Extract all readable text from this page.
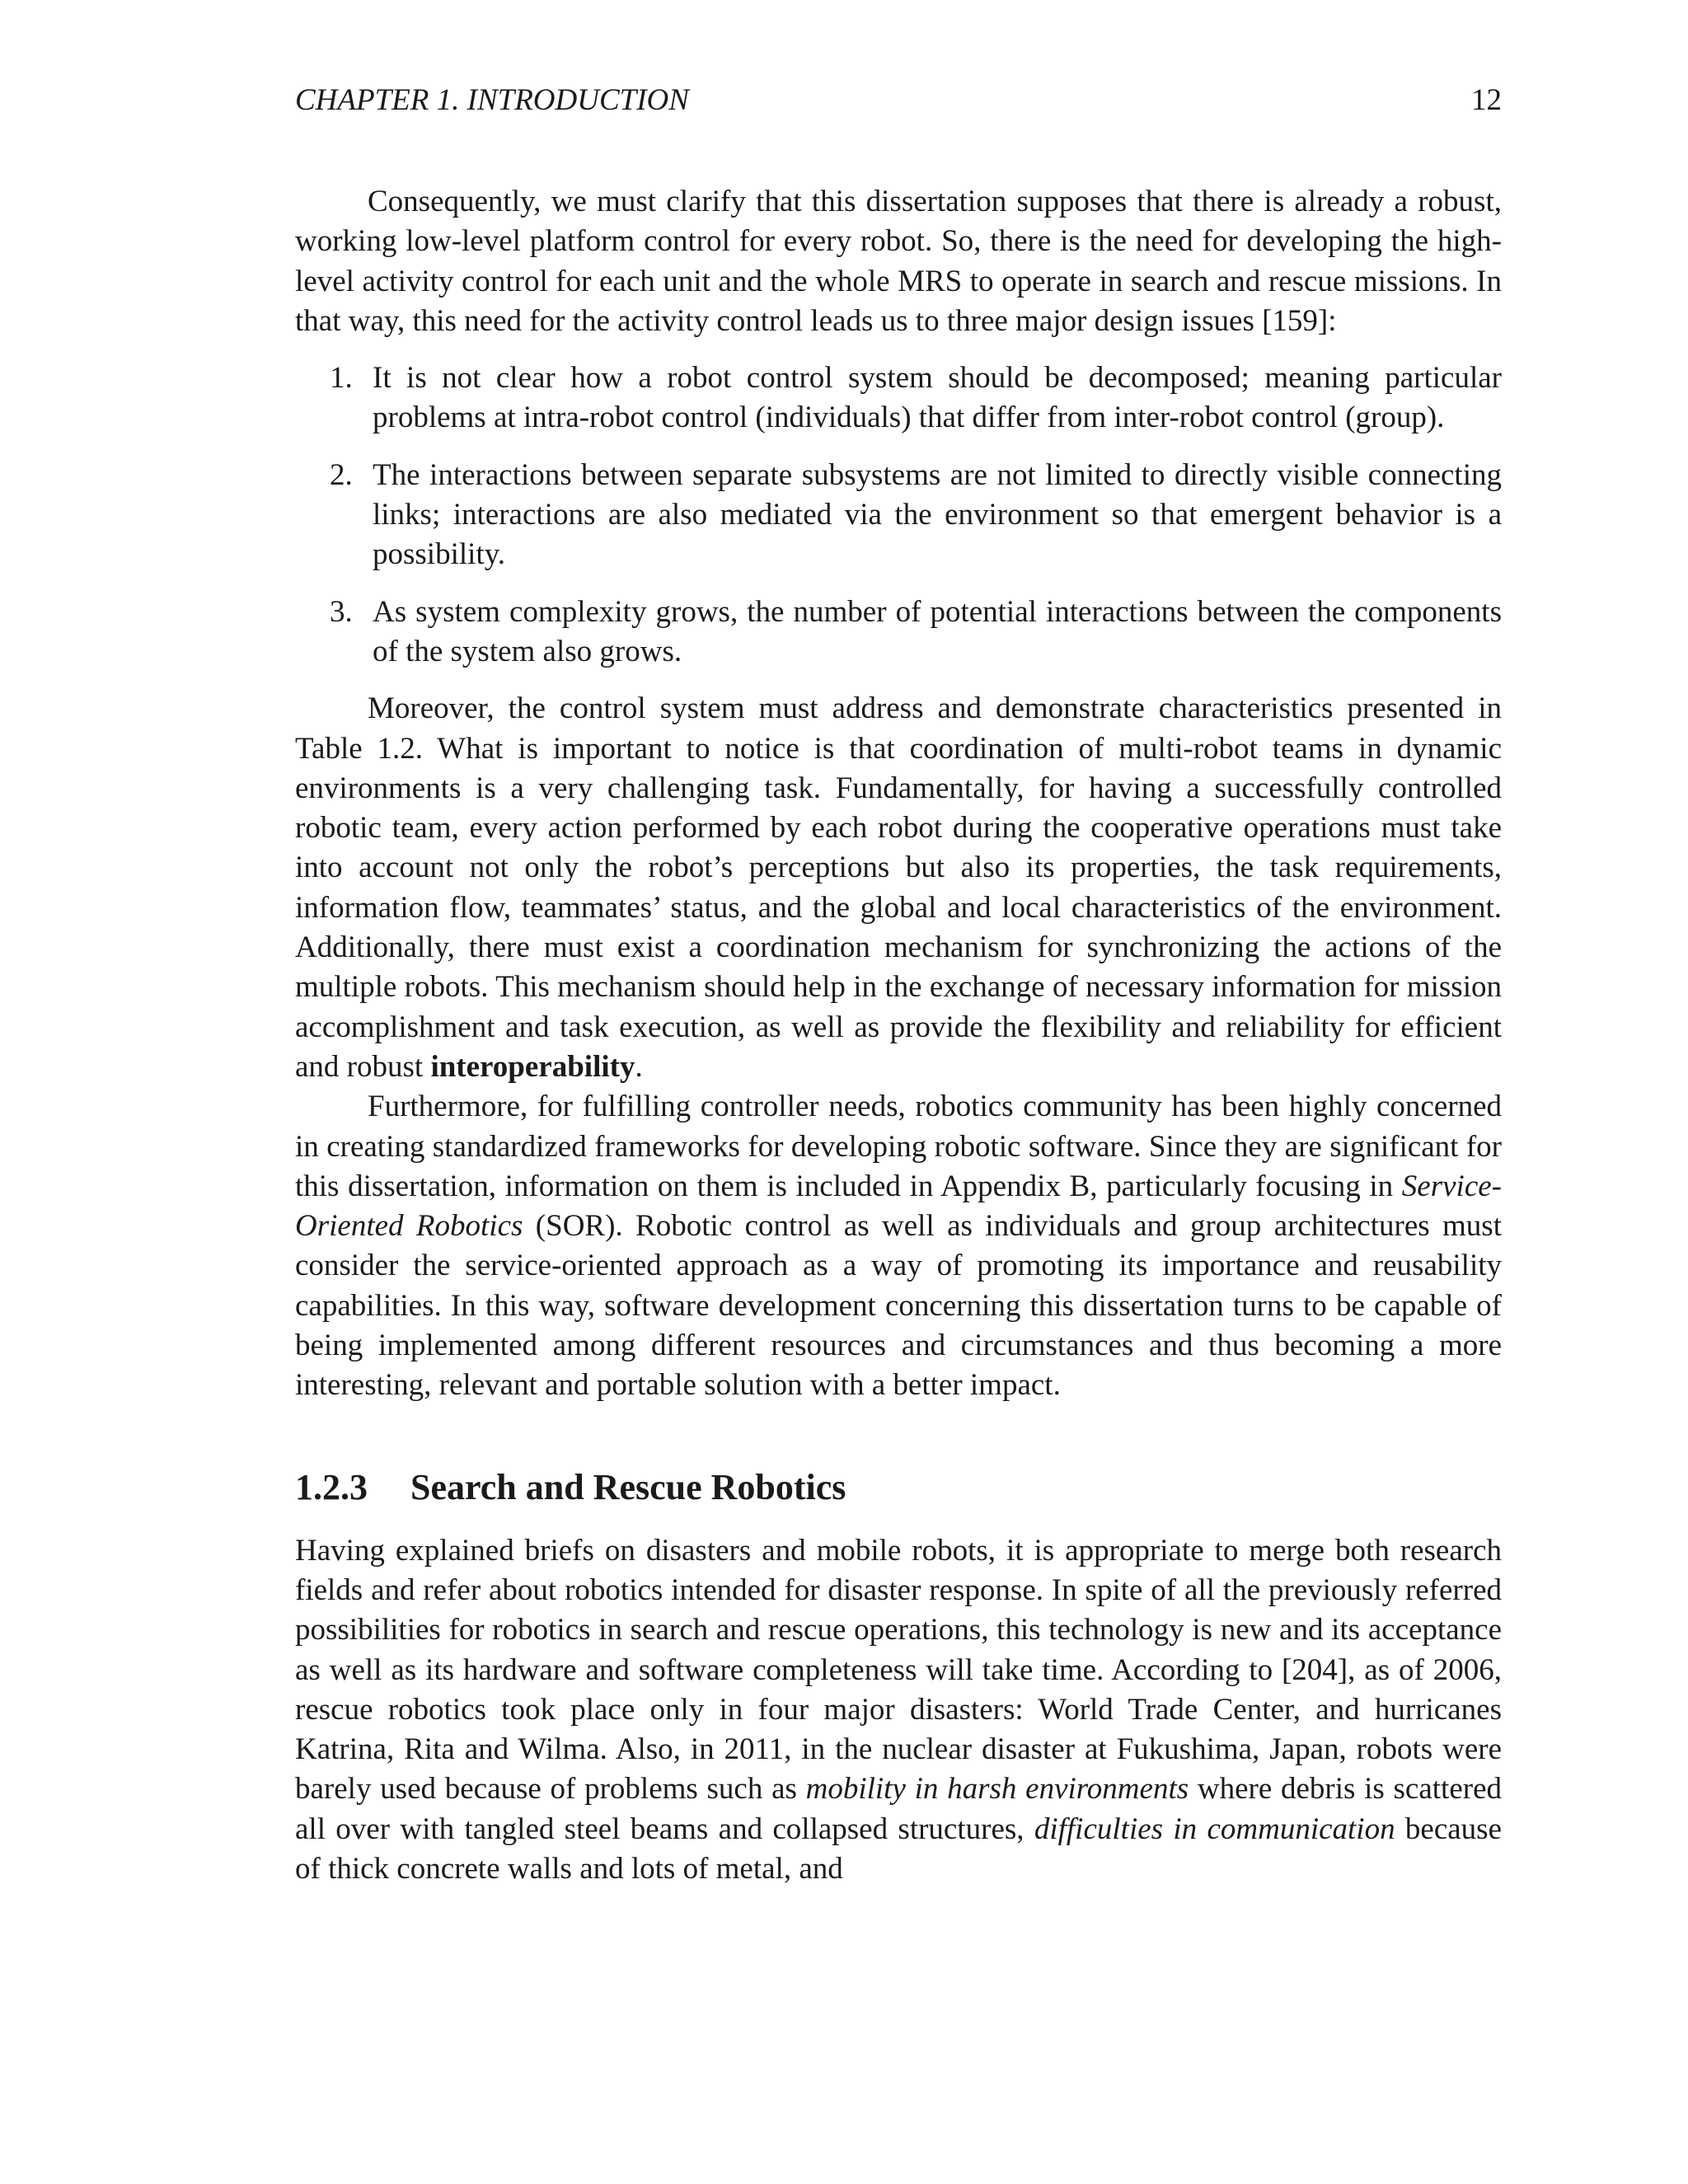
CHAPTER 1. INTRODUCTION	12

Consequently, we must clarify that this dissertation supposes that there is already a robust, working low-level platform control for every robot. So, there is the need for developing the high-level activity control for each unit and the whole MRS to operate in search and rescue missions. In that way, this need for the activity control leads us to three major design issues [159]:

1. It is not clear how a robot control system should be decomposed; meaning particular problems at intra-robot control (individuals) that differ from inter-robot control (group).
2. The interactions between separate subsystems are not limited to directly visible connecting links; interactions are also mediated via the environment so that emergent behavior is a possibility.
3. As system complexity grows, the number of potential interactions between the components of the system also grows.

Moreover, the control system must address and demonstrate characteristics presented in Table 1.2. What is important to notice is that coordination of multi-robot teams in dynamic environments is a very challenging task. Fundamentally, for having a successfully controlled robotic team, every action performed by each robot during the cooperative operations must take into account not only the robot’s perceptions but also its properties, the task requirements, information flow, teammates’ status, and the global and local characteristics of the environment. Additionally, there must exist a coordination mechanism for synchronizing the actions of the multiple robots. This mechanism should help in the exchange of necessary information for mission accomplishment and task execution, as well as provide the flexibility and reliability for efficient and robust interoperability.

Furthermore, for fulfilling controller needs, robotics community has been highly concerned in creating standardized frameworks for developing robotic software. Since they are significant for this dissertation, information on them is included in Appendix B, particularly focusing in Service-Oriented Robotics (SOR). Robotic control as well as individuals and group architectures must consider the service-oriented approach as a way of promoting its importance and reusability capabilities. In this way, software development concerning this dissertation turns to be capable of being implemented among different resources and circumstances and thus becoming a more interesting, relevant and portable solution with a better impact.

1.2.3 Search and Rescue Robotics

Having explained briefs on disasters and mobile robots, it is appropriate to merge both research fields and refer about robotics intended for disaster response. In spite of all the previously referred possibilities for robotics in search and rescue operations, this technology is new and its acceptance as well as its hardware and software completeness will take time. According to [204], as of 2006, rescue robotics took place only in four major disasters: World Trade Center, and hurricanes Katrina, Rita and Wilma. Also, in 2011, in the nuclear disaster at Fukushima, Japan, robots were barely used because of problems such as mobility in harsh environments where debris is scattered all over with tangled steel beams and collapsed structures, difficulties in communication because of thick concrete walls and lots of metal, and
